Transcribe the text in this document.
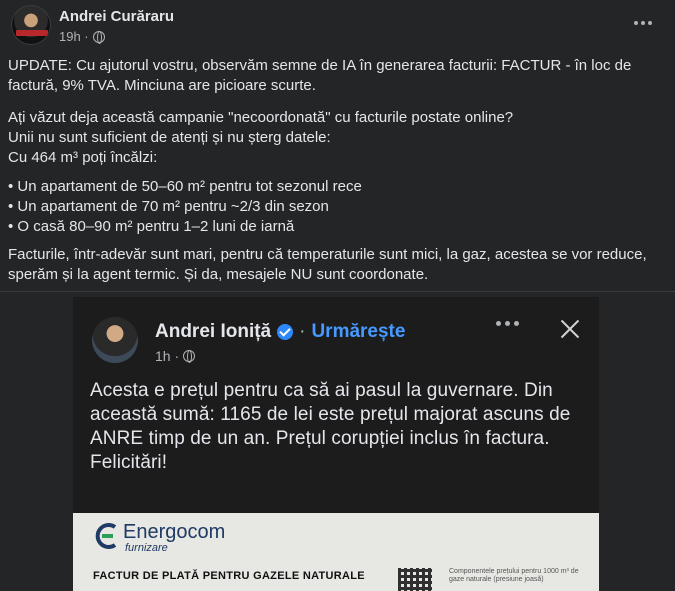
Andrei Curăraru
19h ·

UPDATE: Cu ajutorul vostru, observăm semne de IA în generarea facturii: FACTUR - în loc de factură, 9% TVA. Minciuna are picioare scurte.

Ați văzut deja această campanie "necoordonată" cu facturile postate online?
Unii nu sunt suficient de atenți și nu șterg datele:
Cu 464 m³ poți încălzi:
• Un apartament de 50–60 m² pentru tot sezonul rece
• Un apartament de 70 m² pentru ~2/3 din sezon
• O casă 80–90 m² pentru 1–2 luni de iarnă

Facturile, într-adevăr sunt mari, pentru că temperaturile sunt mici, la gaz, acestea se vor reduce, sperăm și la agent termic. Și da, mesajele NU sunt coordonate.

Andrei Ioniță · Urmărește
1h ·
Acesta e prețul pentru ca să ai pasul la guvernare. Din această sumă: 1165 de lei este prețul majorat ascuns de ANRE timp de un an. Prețul corupției inclus în factura.
Felicitări!
Energocom
furnizare
FACTUR DE PLATĂ PENTRU GAZELE NATURALE	Componentele prețului pentru 1000 m³ de gaze naturale (presiune joasă)
